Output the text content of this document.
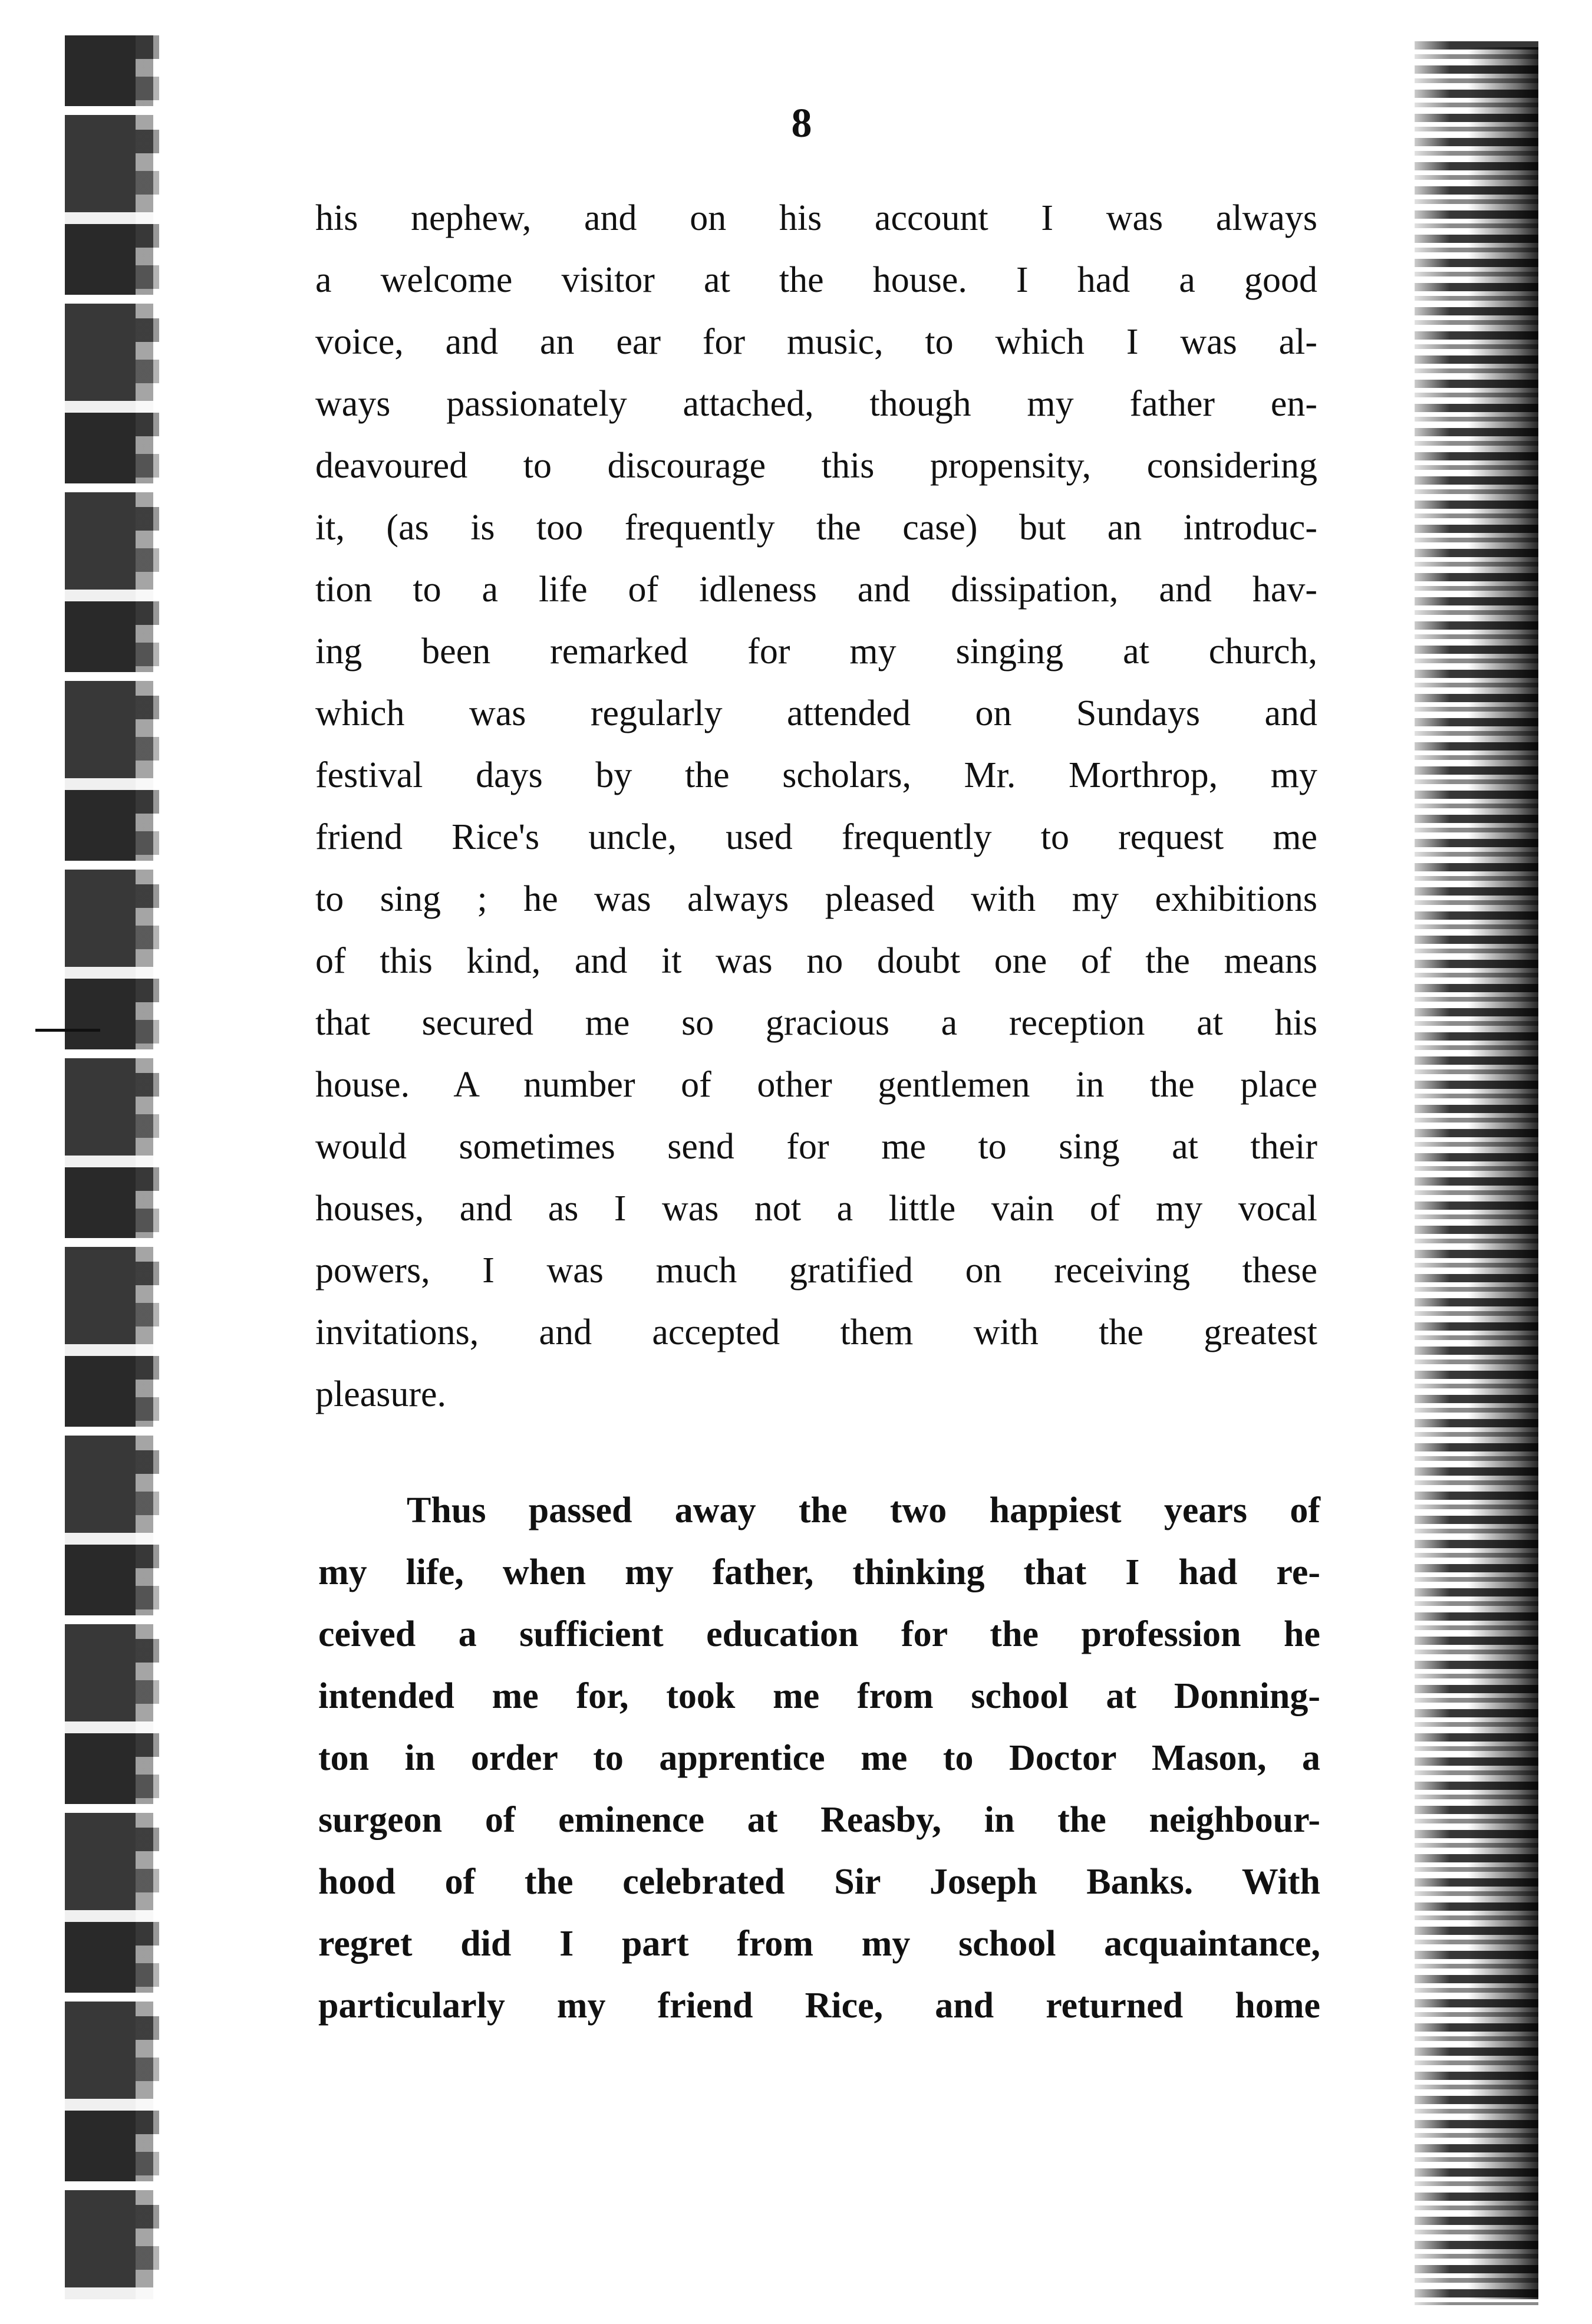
8

his nephew, and on his account I was always
a welcome visitor at the house. I had a good
voice, and an ear for music, to which I was al-
ways passionately attached, though my father en-
deavoured to discourage this propensity, considering
it, (as is too frequently the case) but an introduc-
tion to a life of idleness and dissipation, and hav-
ing been remarked for my singing at church,
which was regularly attended on Sundays and
festival days by the scholars, Mr. Morthrop, my
friend Rice's uncle, used frequently to request me
to sing ; he was always pleased with my exhibitions
of this kind, and it was no doubt one of the means
that secured me so gracious a reception at his
house. A number of other gentlemen in the place
would sometimes send for me to sing at their
houses, and as I was not a little vain of my vocal
powers, I was much gratified on receiving these
invitations, and accepted them with the greatest
pleasure.

Thus passed away the two happiest years of
my life, when my father, thinking that I had re-
ceived a sufficient education for the profession he
intended me for, took me from school at Donning-
ton in order to apprentice me to Doctor Mason, a
surgeon of eminence at Reasby, in the neighbour-
hood of the celebrated Sir Joseph Banks. With
regret did I part from my school acquaintance,
particularly my friend Rice, and returned home
